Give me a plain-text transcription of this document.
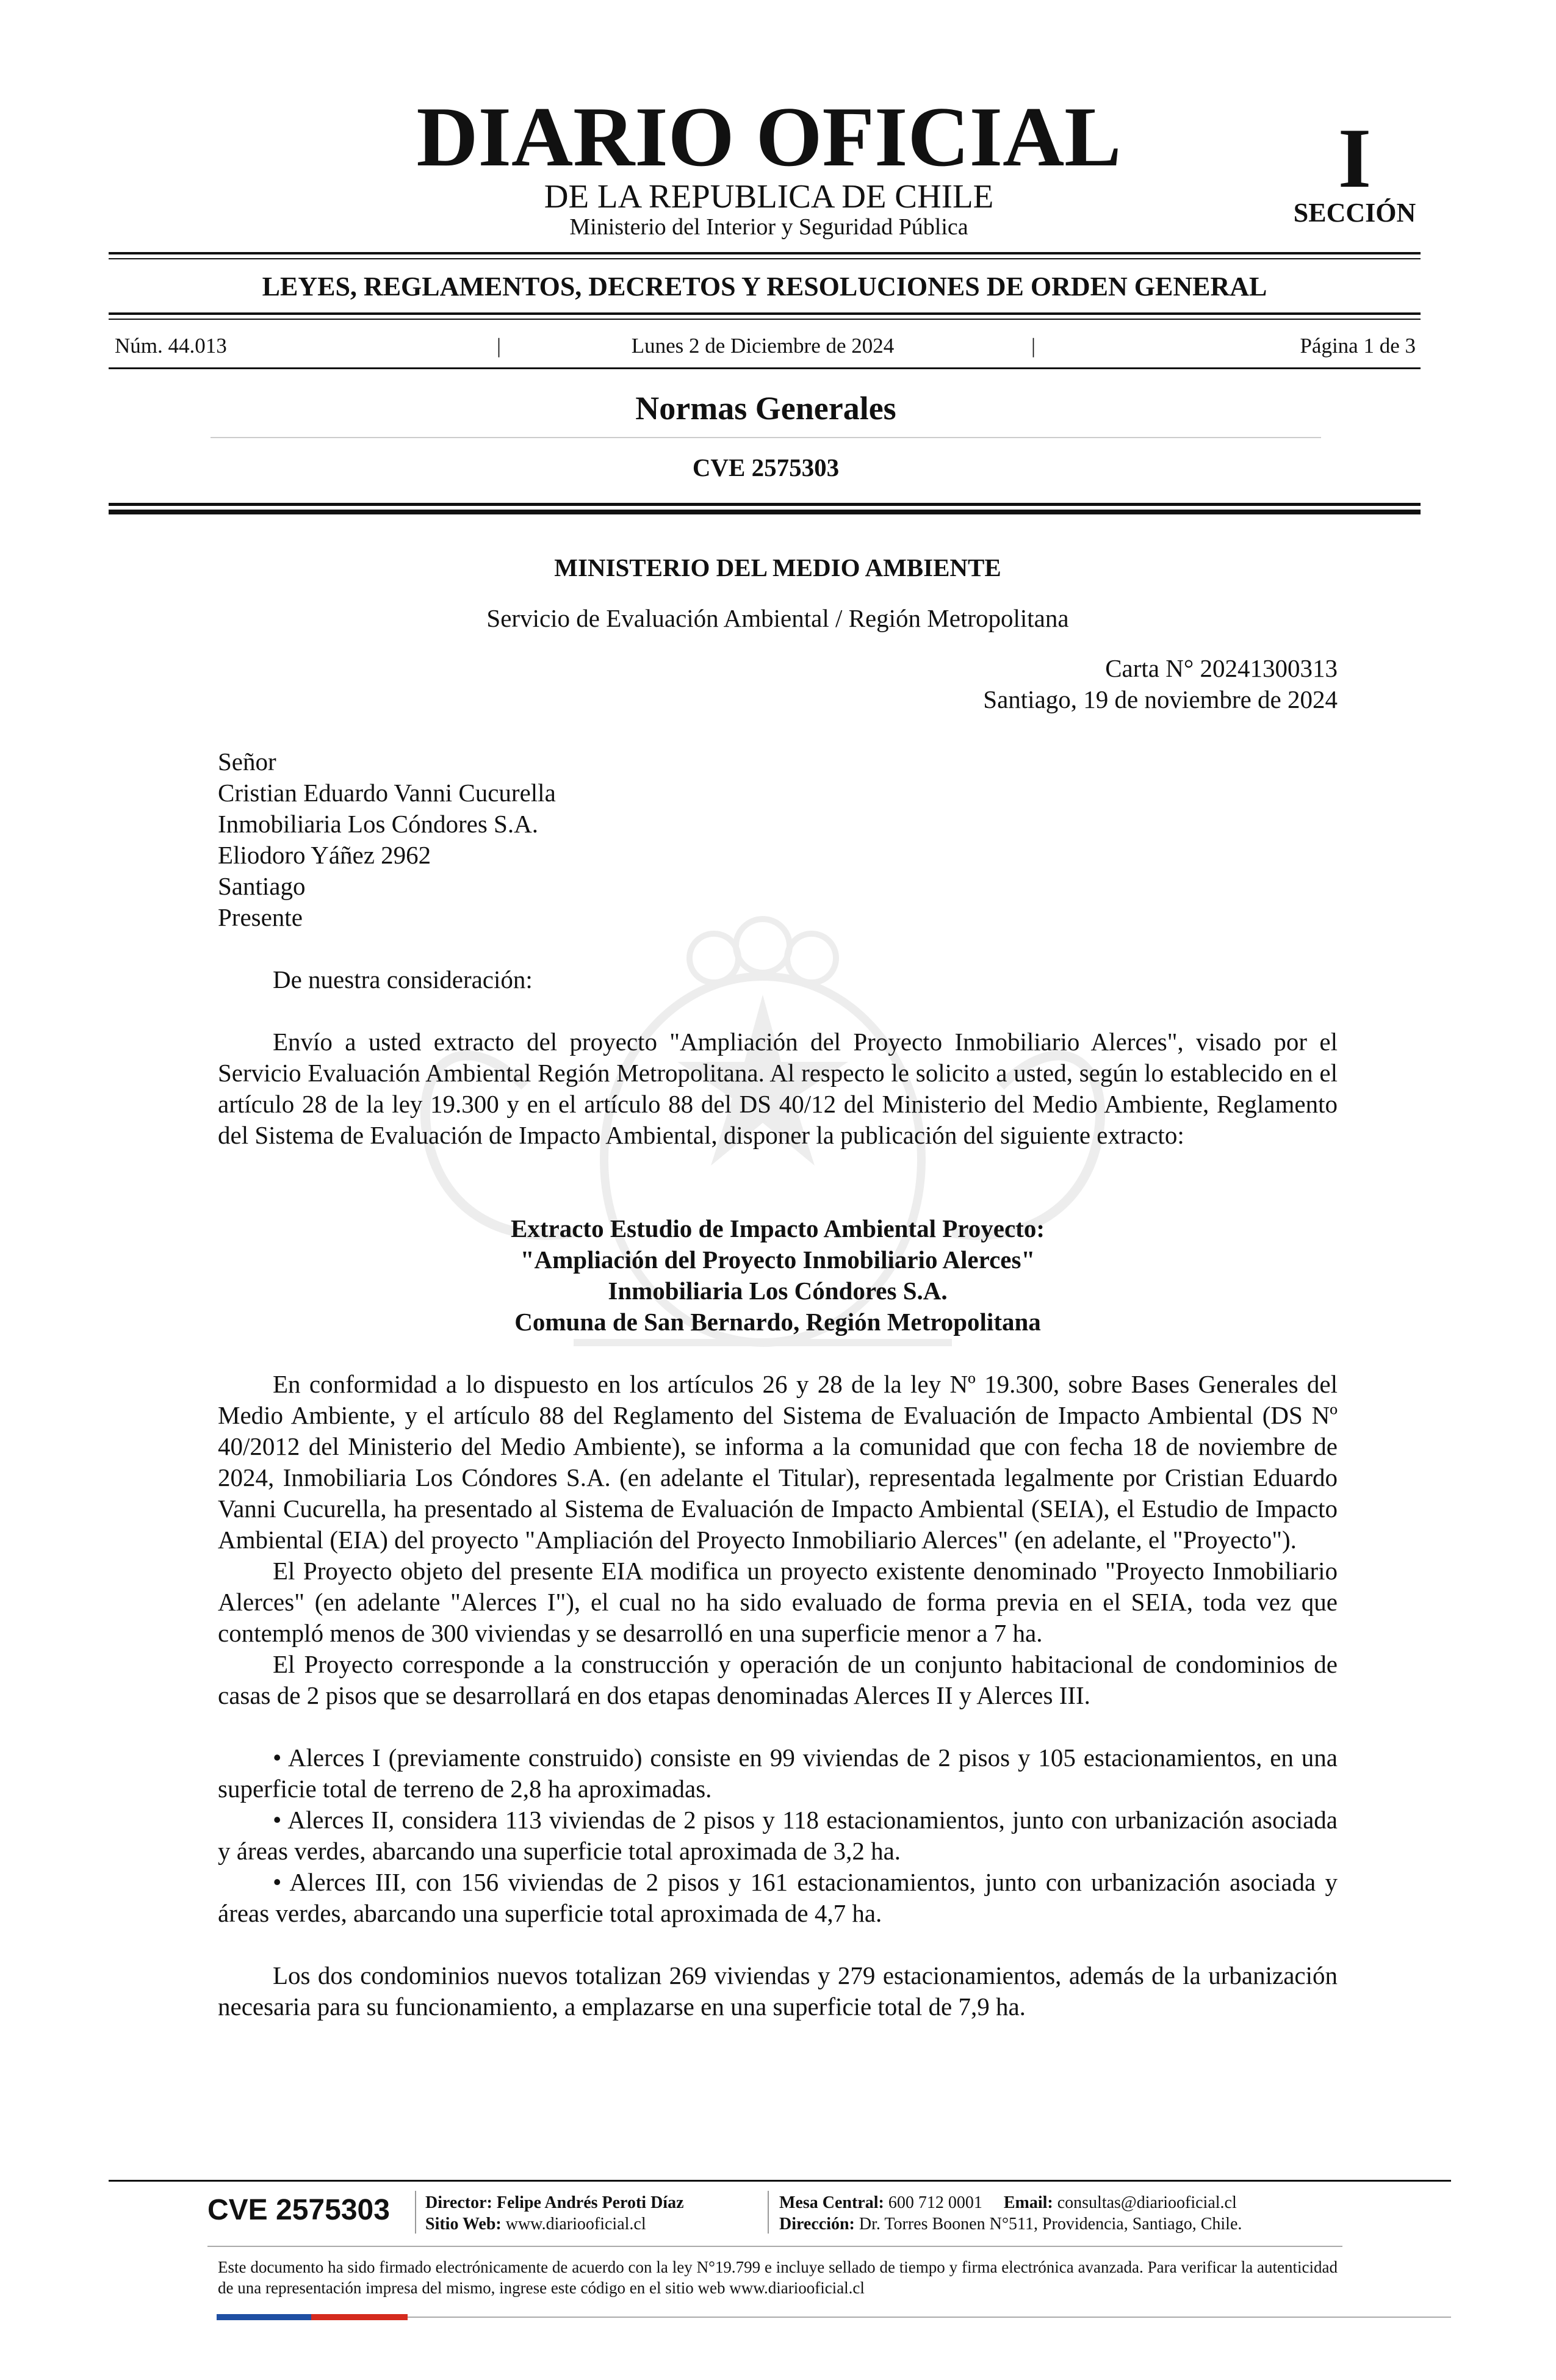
DIARIO OFICIAL
DE LA REPUBLICA DE CHILE
Ministerio del Interior y Seguridad Pública
I
SECCIÓN
LEYES, REGLAMENTOS, DECRETOS Y RESOLUCIONES DE ORDEN GENERAL
Núm. 44.013	|	Lunes 2 de Diciembre de 2024	|	Página 1 de 3
Normas Generales
CVE 2575303
MINISTERIO DEL MEDIO AMBIENTE
Servicio de Evaluación Ambiental / Región Metropolitana
Carta N° 20241300313
Santiago, 19 de noviembre de 2024
Señor
Cristian Eduardo Vanni Cucurella
Inmobiliaria Los Cóndores S.A.
Eliodoro Yáñez 2962
Santiago
Presente
De nuestra consideración:

Envío a usted extracto del proyecto "Ampliación del Proyecto Inmobiliario Alerces", visado por el Servicio Evaluación Ambiental Región Metropolitana. Al respecto le solicito a usted, según lo establecido en el artículo 28 de la ley 19.300 y en el artículo 88 del DS 40/12 del Ministerio del Medio Ambiente, Reglamento del Sistema de Evaluación de Impacto Ambiental, disponer la publicación del siguiente extracto:

Extracto Estudio de Impacto Ambiental Proyecto:
"Ampliación del Proyecto Inmobiliario Alerces"
Inmobiliaria Los Cóndores S.A.
Comuna de San Bernardo, Región Metropolitana

En conformidad a lo dispuesto en los artículos 26 y 28 de la ley Nº 19.300, sobre Bases Generales del Medio Ambiente, y el artículo 88 del Reglamento del Sistema de Evaluación de Impacto Ambiental (DS Nº 40/2012 del Ministerio del Medio Ambiente), se informa a la comunidad que con fecha 18 de noviembre de 2024, Inmobiliaria Los Cóndores S.A. (en adelante el Titular), representada legalmente por Cristian Eduardo Vanni Cucurella, ha presentado al Sistema de Evaluación de Impacto Ambiental (SEIA), el Estudio de Impacto Ambiental (EIA) del proyecto "Ampliación del Proyecto Inmobiliario Alerces" (en adelante, el "Proyecto").

El Proyecto objeto del presente EIA modifica un proyecto existente denominado "Proyecto Inmobiliario Alerces" (en adelante "Alerces I"), el cual no ha sido evaluado de forma previa en el SEIA, toda vez que contempló menos de 300 viviendas y se desarrolló en una superficie menor a 7 ha.

El Proyecto corresponde a la construcción y operación de un conjunto habitacional de condominios de casas de 2 pisos que se desarrollará en dos etapas denominadas Alerces II y Alerces III.

• Alerces I (previamente construido) consiste en 99 viviendas de 2 pisos y 105 estacionamientos, en una superficie total de terreno de 2,8 ha aproximadas.

• Alerces II, considera 113 viviendas de 2 pisos y 118 estacionamientos, junto con urbanización asociada y áreas verdes, abarcando una superficie total aproximada de 3,2 ha.

• Alerces III, con 156 viviendas de 2 pisos y 161 estacionamientos, junto con urbanización asociada y áreas verdes, abarcando una superficie total aproximada de 4,7 ha.

Los dos condominios nuevos totalizan 269 viviendas y 279 estacionamientos, además de la urbanización necesaria para su funcionamiento, a emplazarse en una superficie total de 7,9 ha.

CVE 2575303 Director: Felipe Andrés Peroti Díaz
Sitio Web: www.diariooficial.cl
Mesa Central: 600 712 0001 Email: consultas@diariooficial.cl
Dirección: Dr. Torres Boonen N°511, Providencia, Santiago, Chile.
Este documento ha sido firmado electrónicamente de acuerdo con la ley N°19.799 e incluye sellado de tiempo y firma electrónica avanzada. Para verificar la autenticidad de una representación impresa del mismo, ingrese este código en el sitio web www.diariooficial.cl
